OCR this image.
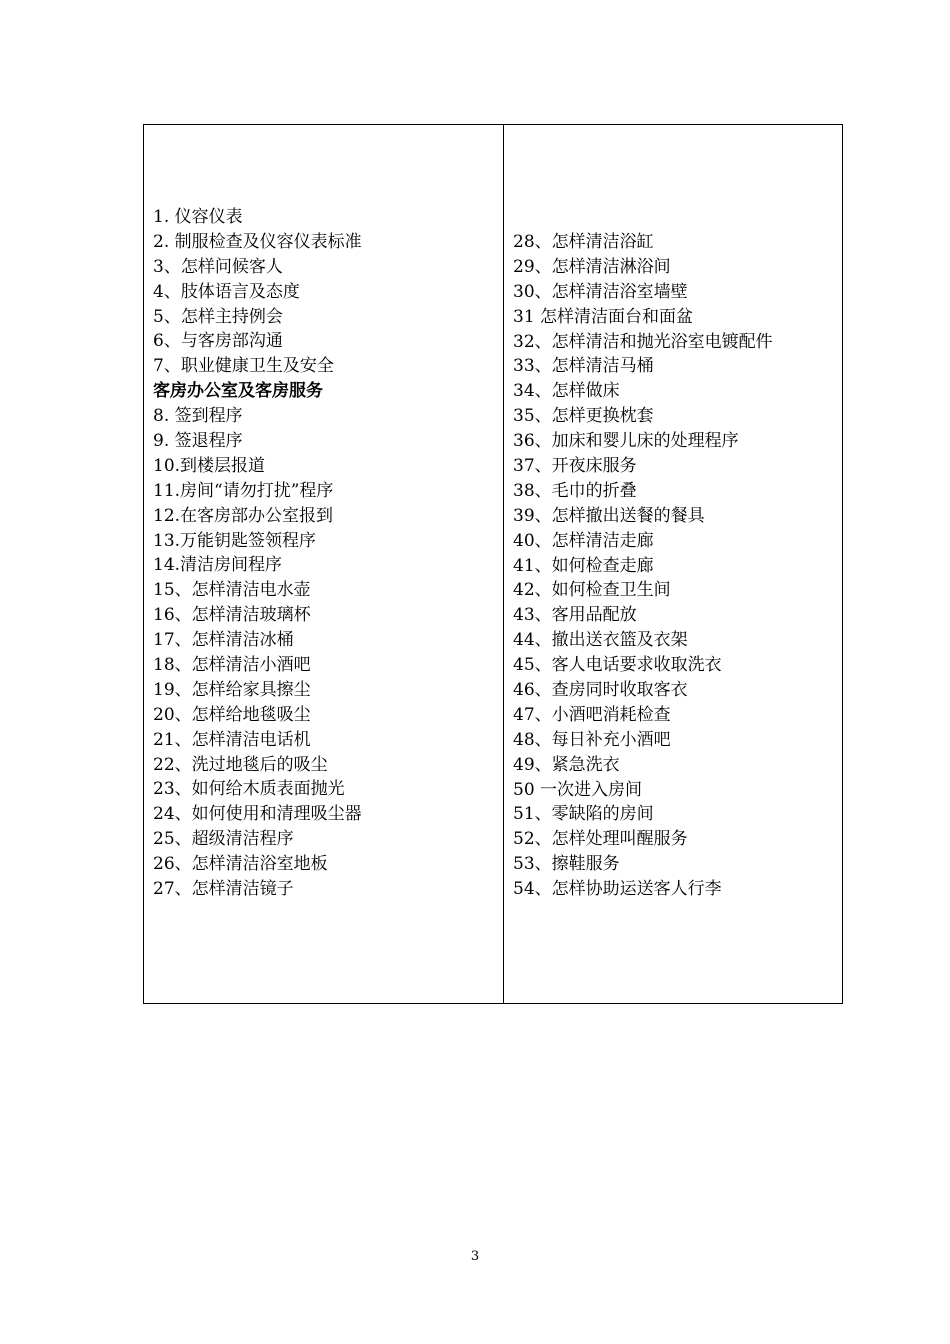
1. 仪容仪表
2. 制服检查及仪容仪表标准
3、怎样问候客人
4、肢体语言及态度
5、怎样主持例会
6、与客房部沟通
7、职业健康卫生及安全
客房办公室及客房服务
8. 签到程序
9. 签退程序
10.到楼层报道
11.房间“请勿打扰”程序
12.在客房部办公室报到
13.万能钥匙签领程序
14.清洁房间程序
15、怎样清洁电水壶
16、怎样清洁玻璃杯
17、怎样清洁冰桶
18、怎样清洁小酒吧
19、怎样给家具擦尘
20、怎样给地毯吸尘
21、怎样清洁电话机
22、洗过地毯后的吸尘
23、如何给木质表面抛光
24、如何使用和清理吸尘器
25、超级清洁程序
26、怎样清洁浴室地板
27、怎样清洁镜子
28、怎样清洁浴缸
29、怎样清洁淋浴间
30、怎样清洁浴室墙壁
31 怎样清洁面台和面盆
32、怎样清洁和抛光浴室电镀配件
33、怎样清洁马桶
34、怎样做床
35、怎样更换枕套
36、加床和婴儿床的处理程序
37、开夜床服务
38、毛巾的折叠
39、怎样撤出送餐的餐具
40、怎样清洁走廊
41、如何检查走廊
42、如何检查卫生间
43、客用品配放
44、撤出送衣篮及衣架
45、客人电话要求收取洗衣
46、查房同时收取客衣
47、小酒吧消耗检查
48、每日补充小酒吧
49、紧急洗衣
50 一次进入房间
51、零缺陷的房间
52、怎样处理叫醒服务
53、擦鞋服务
54、怎样协助运送客人行李
3
